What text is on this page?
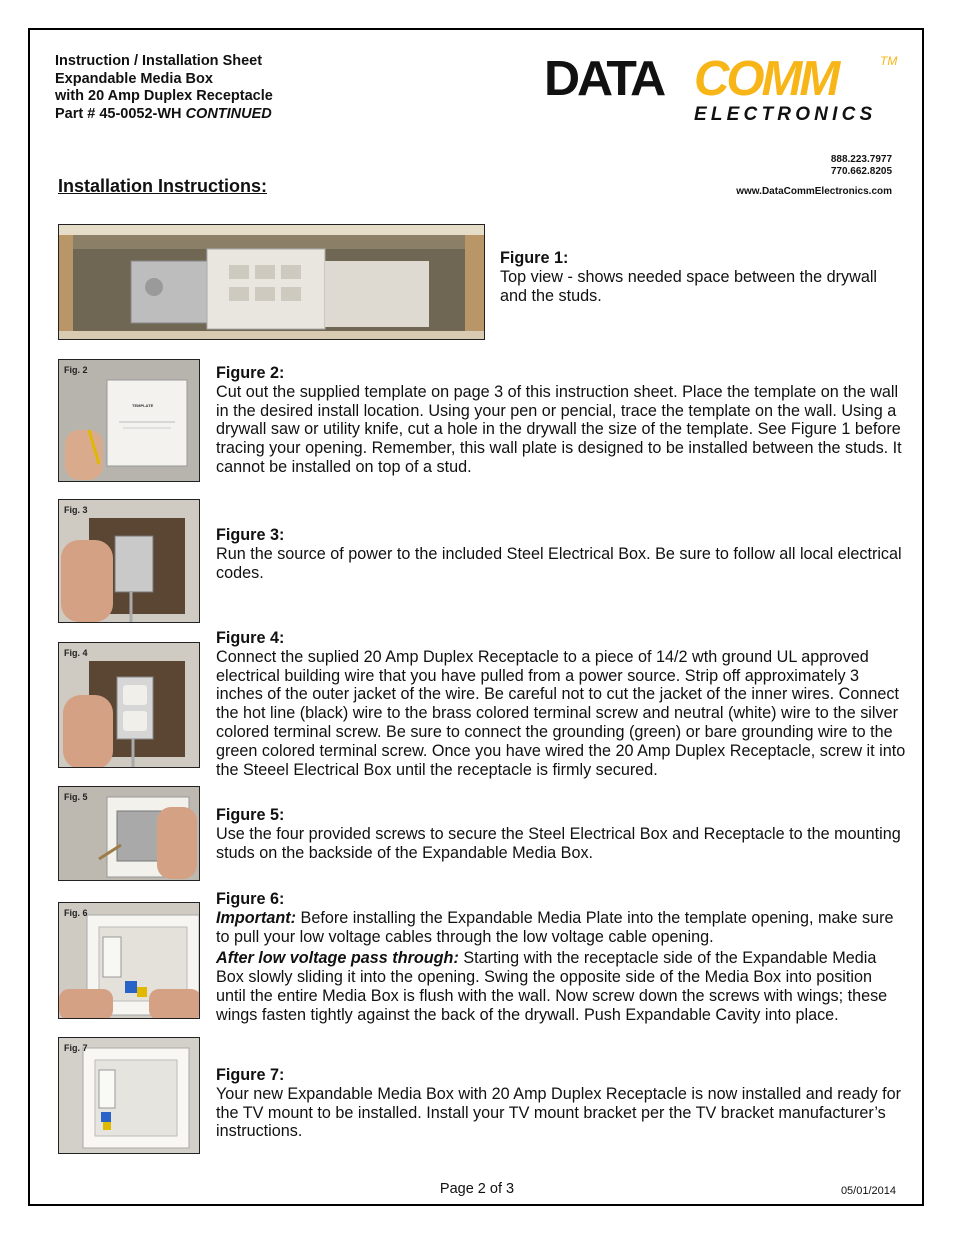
Instruction / Installation Sheet
Expandable Media Box
with 20 Amp Duplex Receptacle
Part # 45-0052-WH CONTINUED
DATA COMM	TM
ELECTRONICS
888.223.7977
770.662.8205
www.DataCommElectronics.com
Installation Instructions:
Figure 1:
Top view - shows needed space between the drywall and the studs.
Fig. 2
TEMPLATE
Figure 2:
Cut out the supplied template on page 3 of this instruction sheet. Place the template on the wall in the desired install location. Using your pen or pencial, trace the template on the wall. Using a drywall saw or utility knife, cut a hole in the drywall the size of the template. See Figure 1 before tracing your opening. Remember, this wall plate is designed to be installed between the studs. It cannot be installed on top of a stud.
Fig. 3
Figure 3:
Run the source of power to the included Steel Electrical Box. Be sure to follow all local electrical codes.
Fig. 4
Figure 4:
Connect the suplied 20 Amp Duplex Receptacle to a piece of 14/2 wth ground UL approved electrical building wire that you have pulled from a power source. Strip off approximately 3 inches of the outer jacket of the wire. Be careful not to cut the jacket of the inner wires. Connect the hot line (black) wire to the brass colored terminal screw and neutral (white) wire to the silver colored terminal screw. Be sure to connect the grounding (green) or bare grounding wire to the green colored terminal screw. Once you have wired the 20 Amp Duplex Receptacle, screw it into the Steeel Electrical Box until the receptacle is firmly secured.
Fig. 5
Figure 5:
Use the four provided screws to secure the Steel Electrical Box and Receptacle to the mounting studs on the backside of the Expandable Media Box.
Fig. 6
Figure 6:

Important: Before installing the Expandable Media Plate into the template opening, make sure to pull your low voltage cables through the low voltage cable opening.

After low voltage pass through: Starting with the receptacle side of the Expandable Media Box slowly sliding it into the opening. Swing the opposite side of the Media Box into position until the entire Media Box is flush with the wall. Now screw down the screws with wings; these wings fasten tightly against the back of the drywall. Push Expandable Cavity into place.

Fig. 7
Figure 7:
Your new Expandable Media Box with 20 Amp Duplex Receptacle is now installed and ready for the TV mount to be installed. Install your TV mount bracket per the TV bracket manufacturer’s instructions.
Page 2 of 3	05/01/2014
